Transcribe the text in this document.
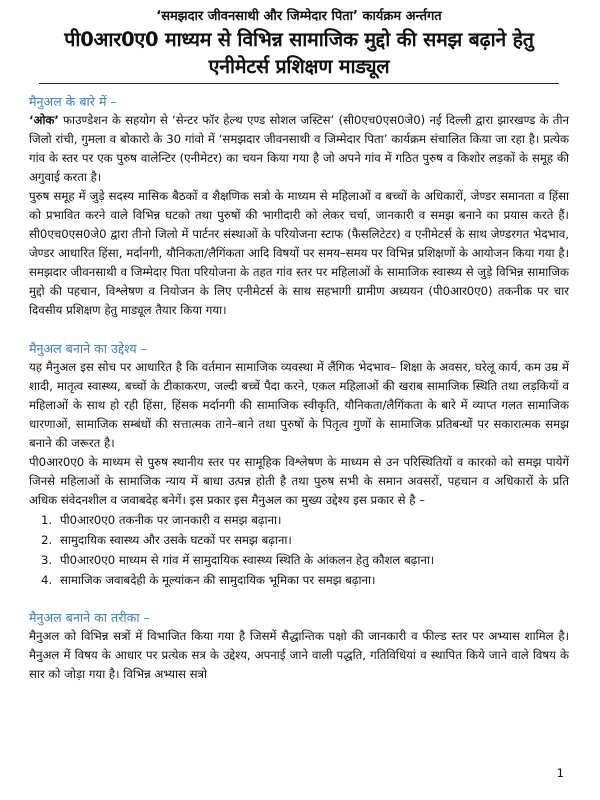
‘समझदार जीवनसाथी और जिम्मेदार पिता’ कार्यक्रम अर्न्तगत

पी0आर0ए0 माध्यम से विभिन्न सामाजिक मुद्दो की समझ बढ़ाने हेतु

एनीमेटर्स प्रशिक्षण माड्यूल

मैनुअल के बारे में –

‘ओक’ फाउण्डेशन के सहयोग से ‘सेन्टर फॉर हेल्थ एण्ड सोशल जस्टिस’ (सी0एच0एस0जे0) नई दिल्ली द्वारा झारखण्ड के तीन जिलो रांची, गुमला व बोकारो के 30 गांवो में ‘समझदार जीवनसाथी व जिम्मेदार पिता’ कार्यक्रम संचालित किया जा रहा है। प्रत्येक गांव के स्तर पर एक पुरुष वालेन्टिर (एनीमेटर) का चयन किया गया है जो अपने गांव में गठित पुरुष व किशोर लड़कों के समूह की अगुवाई करता है।

पुरुष समूह में जुड़े सदस्य मासिक बैठकों व शैक्षणिक सत्रो के माध्यम से महिलाओं व बच्चों के अधिकारों, जेण्डर समानता व हिंसा को प्रभावित करने वाले विभिन्न घटको तथा पुरुषों की भागीदारी को लेकर चर्चा, जानकारी व समझ बनाने का प्रयास करते हैं। सी0एच0एस0जे0 द्वारा तीनो जिलो में पार्टनर संस्थाओं के परियोजना स्टाफ (फैसलिटेटर) व एनीमेटर्स के साथ जेण्डरगत भेदभाव, जेण्डर आधारित हिंसा, मर्दानगी, यौनिकता/लैगिंकता आदि विषयों पर समय–समय पर विभिन्न प्रशिक्षणों के आयोजन किया गया है। समझदार जीवनसाथी व जिम्मेदार पिता परियोजना के तहत गांव स्तर पर महिलाओं के सामाजिक स्वास्थ्य से जुड़े विभिन्न सामाजिक मुद्दो की पहचान, विश्लेषण व नियोजन के लिए एनीमेटर्स के साथ सहभागी ग्रामीण अध्ययन (पी0आर0ए0) तकनीक पर चार दिवसीय प्रशिक्षण हेतु माड्यूल तैयार किया गया।

मैनुअल बनाने का उद्देश्य –

यह मैनुअल इस सोच पर आधारित है कि वर्तमान सामाजिक व्यवस्था में लैंगिक भेदभाव– शिक्षा के अवसर, घरेलू कार्य, कम उम्र में शादी, मातृत्व स्वास्थ्य, बच्चों के टीकाकरण, जल्दी बच्चें पैदा करने, एकल महिलाओं की खराब सामाजिक स्थिति तथा लड़कियों व महिलाओं के साथ हो रही हिंसा, हिंसक मर्दानगी की सामाजिक स्वीकृति, यौनिकता/लैगिंकता के बारे में व्याप्त गलत सामाजिक धारणाओं, सामाजिक सम्बंधों की सत्तात्मक ताने–बाने तथा पुरुषों के पितृत्व गुणों के सामाजिक प्रतिबन्धों पर सकारात्मक समझ बनाने की जरूरत है।

पी0आर0ए0 के माध्यम से पुरुष स्थानीय स्तर पर सामूहिक विश्लेषण के माध्यम से उन परिस्थितियों व कारको को समझ पायेगें जिनसे महिलाओं के सामाजिक न्याय में बाधा उत्पन्न होती है तथा पुरुष सभी के समान अवसरों, पहचान व अधिकारों के प्रति अधिक संवेदनशील व जवाबदेह बनेगें। इस प्रकार इस मैनुअल का मुख्य उद्देश्य इस प्रकार से है –

1. पी0आर0ए0 तकनीक पर जानकारी व समझ बढ़ाना।
2. सामुदायिक स्वास्थ्य और उसके घटकों पर समझ बढ़ाना।
3. पी0आर0ए0 माध्यम से गांव में सामुदायिक स्वास्थ्य स्थिति के आंकलन हेतु कौशल बढ़ाना।
4. सामाजिक जवाबदेही के मूल्यांकन की सामुदायिक भूमिका पर समझ बढ़ाना।

मैनुअल बनाने का तरीका –

मैनुअल को विभिन्न सत्रों में विभाजित किया गया है जिसमें सैद्धान्तिक पक्षो की जानकारी व फील्ड स्तर पर अभ्यास शामिल है। मैनुअल में विषय के आधार पर प्रत्येक सत्र के उद्देश्य, अपनाई जाने वाली पद्धति, गतिविधियां व स्थापित किये जाने वाले विषय के सार को जोड़ा गया है। विभिन्न अभ्यास सत्रो

1
